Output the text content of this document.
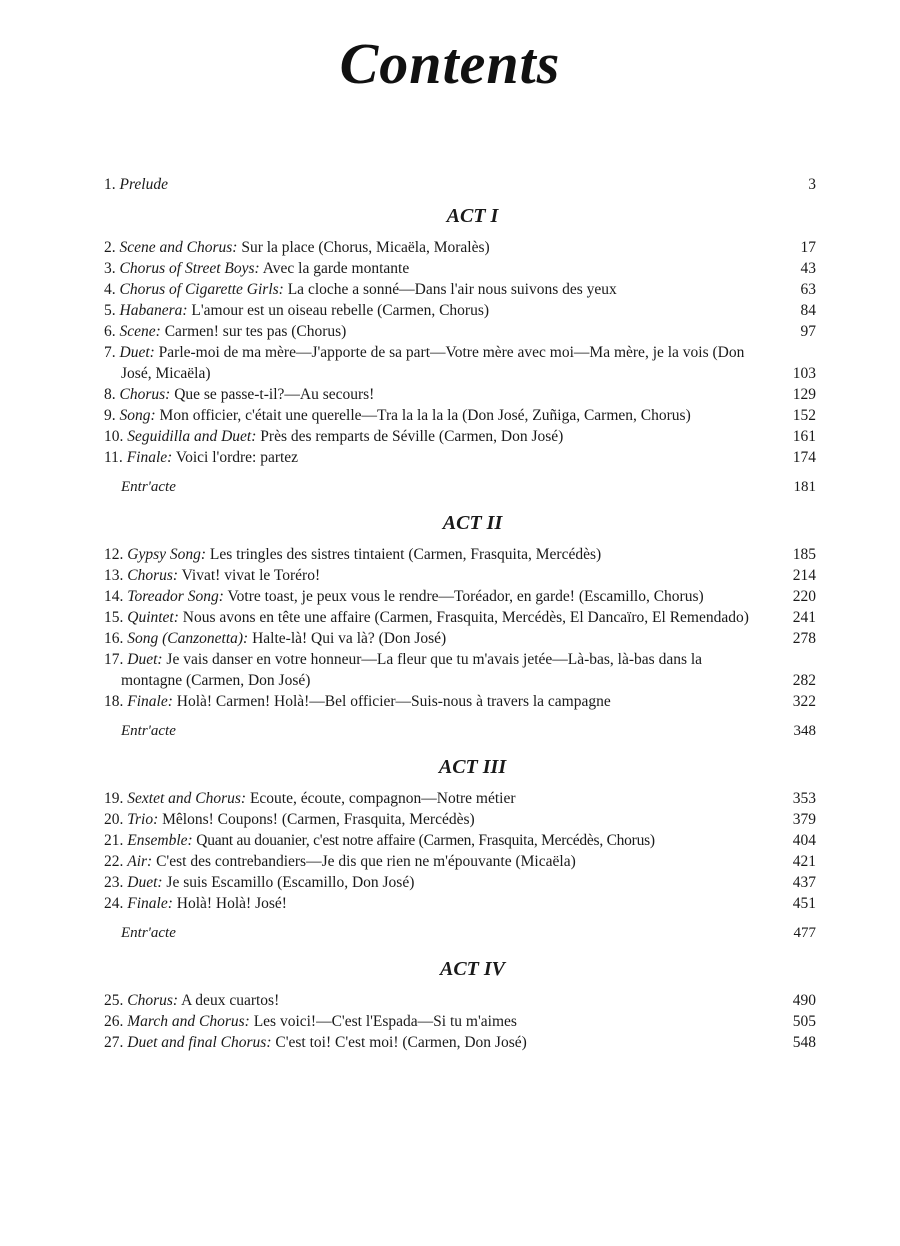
Contents
1. Prelude	3
ACT I
2. Scene and Chorus: Sur la place (Chorus, Micaëla, Moralès)	17
3. Chorus of Street Boys: Avec la garde montante	43
4. Chorus of Cigarette Girls: La cloche a sonné—Dans l'air nous suivons des yeux	63
5. Habanera: L'amour est un oiseau rebelle (Carmen, Chorus)	84
6. Scene: Carmen! sur tes pas (Chorus)	97
7. Duet: Parle-moi de ma mère—J'apporte de sa part—Votre mère avec moi—Ma mère, je la vois (Don José, Micaëla)	103
8. Chorus: Que se passe-t-il?—Au secours!	129
9. Song: Mon officier, c'était une querelle—Tra la la la la (Don José, Zuñiga, Carmen, Chorus)	152
10. Seguidilla and Duet: Près des remparts de Séville (Carmen, Don José)	161
11. Finale: Voici l'ordre: partez	174
Entr'acte	181
ACT II
12. Gypsy Song: Les tringles des sistres tintaient (Carmen, Frasquita, Mercédès)	185
13. Chorus: Vivat! vivat le Toréro!	214
14. Toreador Song: Votre toast, je peux vous le rendre—Toréador, en garde! (Escamillo, Chorus)	220
15. Quintet: Nous avons en tête une affaire (Carmen, Frasquita, Mercédès, El Dancaïro, El Remendado)	241
16. Song (Canzonetta): Halte-là! Qui va là? (Don José)	278
17. Duet: Je vais danser en votre honneur—La fleur que tu m'avais jetée—Là-bas, là-bas dans la montagne (Carmen, Don José)	282
18. Finale: Holà! Carmen! Holà!—Bel officier—Suis-nous à travers la campagne	322
Entr'acte	348
ACT III
19. Sextet and Chorus: Ecoute, écoute, compagnon—Notre métier	353
20. Trio: Mêlons! Coupons! (Carmen, Frasquita, Mercédès)	379
21. Ensemble: Quant au douanier, c'est notre affaire (Carmen, Frasquita, Mercédès, Chorus)	404
22. Air: C'est des contrebandiers—Je dis que rien ne m'épouvante (Micaëla)	421
23. Duet: Je suis Escamillo (Escamillo, Don José)	437
24. Finale: Holà! Holà! José!	451
Entr'acte	477
ACT IV
25. Chorus: A deux cuartos!	490
26. March and Chorus: Les voici!—C'est l'Espada—Si tu m'aimes	505
27. Duet and final Chorus: C'est toi! C'est moi! (Carmen, Don José)	548
